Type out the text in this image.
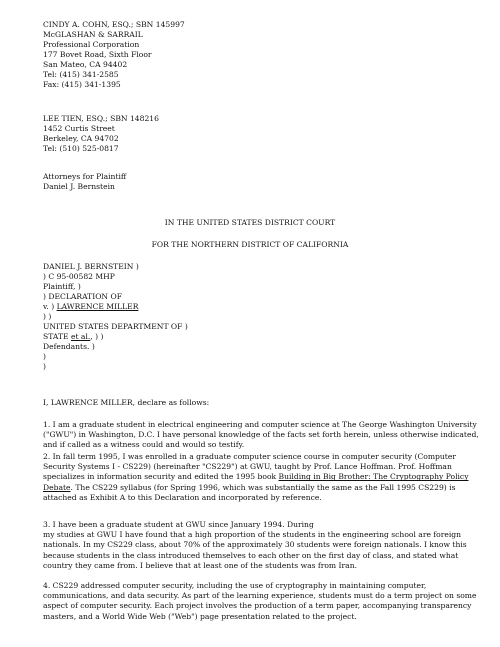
CINDY A. COHN, ESQ.; SBN 145997
McGLASHAN & SARRAIL
Professional Corporation
177 Bovet Road, Sixth Floor
San Mateo, CA 94402
Tel: (415) 341-2585
Fax: (415) 341-1395
LEE TIEN, ESQ.; SBN 148216
1452 Curtis Street
Berkeley, CA 94702
Tel: (510) 525-0817
Attorneys for Plaintiff
Daniel J. Bernstein
IN THE UNITED STATES DISTRICT COURT
FOR THE NORTHERN DISTRICT OF CALIFORNIA
DANIEL J. BERNSTEIN )
) C 95-00582 MHP
Plaintiff, )
) DECLARATION OF
v. ) LAWRENCE MILLER
) )
UNITED STATES DEPARTMENT OF )
STATE et al., ) )
Defendants. )
)
)
I, LAWRENCE MILLER, declare as follows:
1. I am a graduate student in electrical engineering and computer science at The George Washington University ("GWU") in Washington, D.C. I have personal knowledge of the facts set forth herein, unless otherwise indicated, and if called as a witness could and would so testify.
2. In fall term 1995, I was enrolled in a graduate computer science course in computer security (Computer Security Systems I - CS229) (hereinafter "CS229") at GWU, taught by Prof. Lance Hoffman. Prof. Hoffman specializes in information security and edited the 1995 book Building in Big Brother: The Cryptography Policy Debate. The CS229 syllabus (for Spring 1996, which was substantially the same as the Fall 1995 CS229) is
attached as Exhibit A to this Declaration and incorporated by reference.
3. I have been a graduate student at GWU since January 1994. During
my studies at GWU I have found that a high proportion of the students in the engineering school are foreign nationals. In my CS229 class, about 70% of the approximately 30 students were foreign nationals. I know this because students in the class introduced themselves to each other on the first day of class, and stated what country they came from. I believe that at least one of the students was from Iran.
4. CS229 addressed computer security, including the use of cryptography in maintaining computer, communications, and data security. As part of the learning experience, students must do a term project on some aspect of computer security. Each project involves the production of a term paper, accompanying transparency masters, and a World Wide Web ("Web") page presentation related to the project.
